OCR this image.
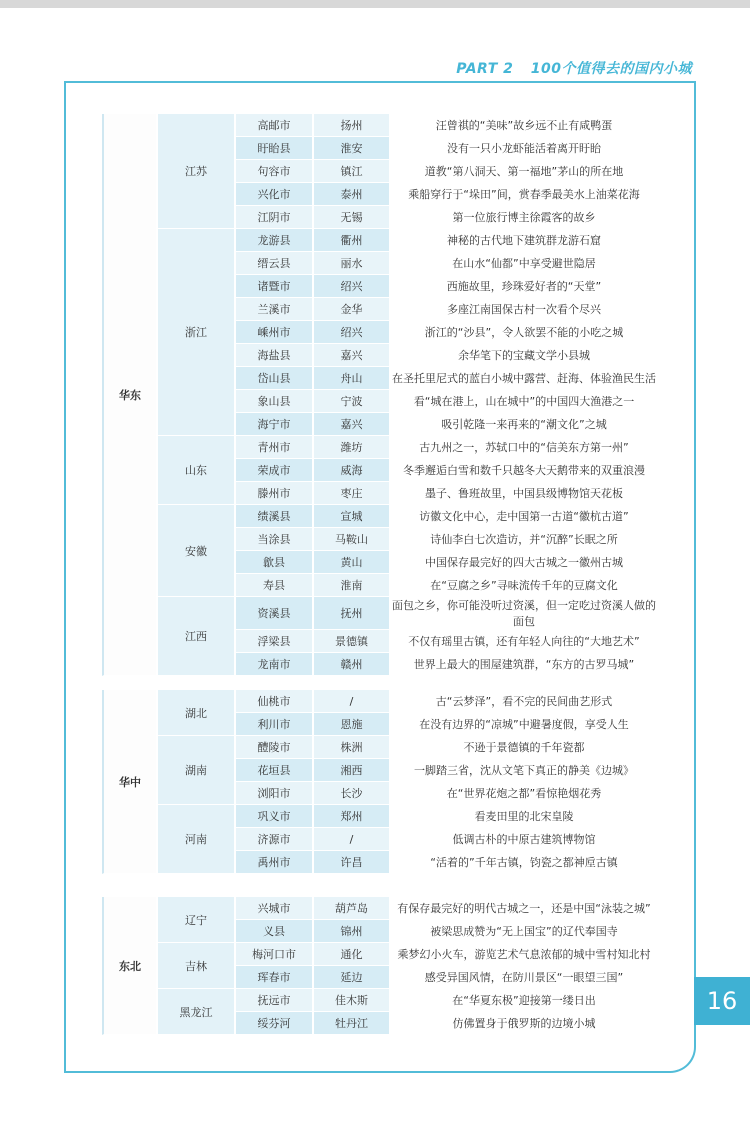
PART 2 100个值得去的国内小城
16
华东	江苏	高邮市	扬州	汪曾祺的“美味”故乡远不止有咸鸭蛋
		盱眙县	淮安	没有一只小龙虾能活着离开盱眙
		句容市	镇江	道教“第八洞天、第一福地”茅山的所在地
		兴化市	泰州	乘船穿行于“垛田”间，赏春季最美水上油菜花海
		江阴市	无锡	第一位旅行博主徐霞客的故乡
	浙江	龙游县	衢州	神秘的古代地下建筑群龙游石窟
		缙云县	丽水	在山水“仙都”中享受避世隐居
		诸暨市	绍兴	西施故里，珍珠爱好者的“天堂”
		兰溪市	金华	多座江南国保古村一次看个尽兴
		嵊州市	绍兴	浙江的“沙县”，令人欲罢不能的小吃之城
		海盐县	嘉兴	余华笔下的宝藏文学小县城
		岱山县	舟山	在圣托里尼式的蓝白小城中露营、赶海、体验渔民生活
		象山县	宁波	看“城在港上，山在城中”的中国四大渔港之一
		海宁市	嘉兴	吸引乾隆一来再来的“潮文化”之城
	山东	青州市	潍坊	古九州之一，苏轼口中的“信美东方第一州”
		荣成市	威海	冬季邂逅白雪和数千只越冬大天鹅带来的双重浪漫
		滕州市	枣庄	墨子、鲁班故里，中国县级博物馆天花板
	安徽	绩溪县	宣城	访徽文化中心，走中国第一古道“徽杭古道”
		当涂县	马鞍山	诗仙李白七次造访，并“沉醉”长眠之所
		歙县	黄山	中国保存最完好的四大古城之一徽州古城
		寿县	淮南	在“豆腐之乡”寻味流传千年的豆腐文化
	江西	资溪县	抚州	面包之乡，你可能没听过资溪，但一定吃过资溪人做的面包
		浮梁县	景德镇	不仅有瑶里古镇，还有年轻人向往的“大地艺术”
		龙南市	赣州	世界上最大的围屋建筑群，“东方的古罗马城”
华中	湖北	仙桃市	/	古“云梦泽”，看不完的民间曲艺形式
		利川市	恩施	在没有边界的“凉城”中避暑度假，享受人生
	湖南	醴陵市	株洲	不逊于景德镇的千年瓷都
		花垣县	湘西	一脚踏三省，沈从文笔下真正的静美《边城》
		浏阳市	长沙	在“世界花炮之都”看惊艳烟花秀
	河南	巩义市	郑州	看麦田里的北宋皇陵
		济源市	/	低调古朴的中原古建筑博物馆
		禹州市	许昌	“活着的”千年古镇，钧瓷之都神垕古镇
东北	辽宁	兴城市	葫芦岛	有保存最完好的明代古城之一，还是中国“泳装之城”
		义县	锦州	被梁思成赞为“无上国宝”的辽代奉国寺
	吉林	梅河口市	通化	乘梦幻小火车，游览艺术气息浓郁的城中雪村知北村
		珲春市	延边	感受异国风情，在防川景区“一眼望三国”
	黑龙江	抚远市	佳木斯	在“华夏东极”迎接第一缕日出
		绥芬河	牡丹江	仿佛置身于俄罗斯的边境小城
